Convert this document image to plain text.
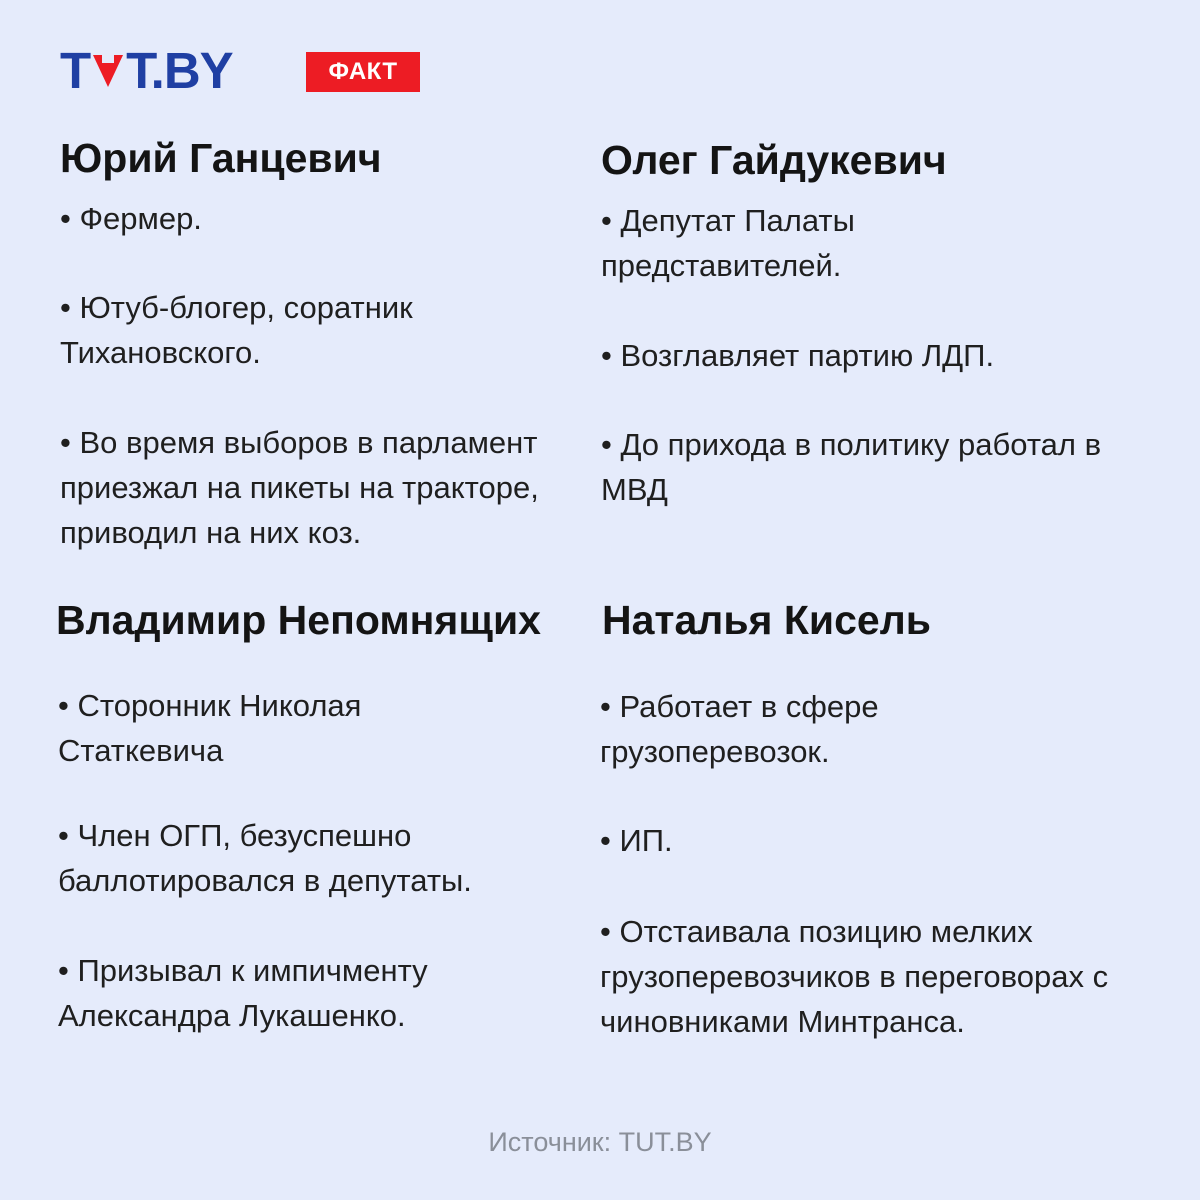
T T.BY	ФАКТ
Юрий Ганцевич
• Фермер.
• Ютуб-блогер, соратник Тихановского.
• Во время выборов в парламент приезжал на пикеты на тракторе, приводил на них коз.
Олег Гайдукевич
• Депутат Палаты представителей.
• Возглавляет партию ЛДП.
• До прихода в политику работал в МВД
Владимир Непомнящих
• Сторонник Николая Статкевича
• Член ОГП, безуспешно баллотировался в депутаты.
• Призывал к импичменту Александра Лукашенко.
Наталья Кисель
• Работает в сфере грузоперевозок.
• ИП.
• Отстаивала позицию мелких грузоперевозчиков в переговорах с чиновниками Минтранса.
Источник: TUT.BY
